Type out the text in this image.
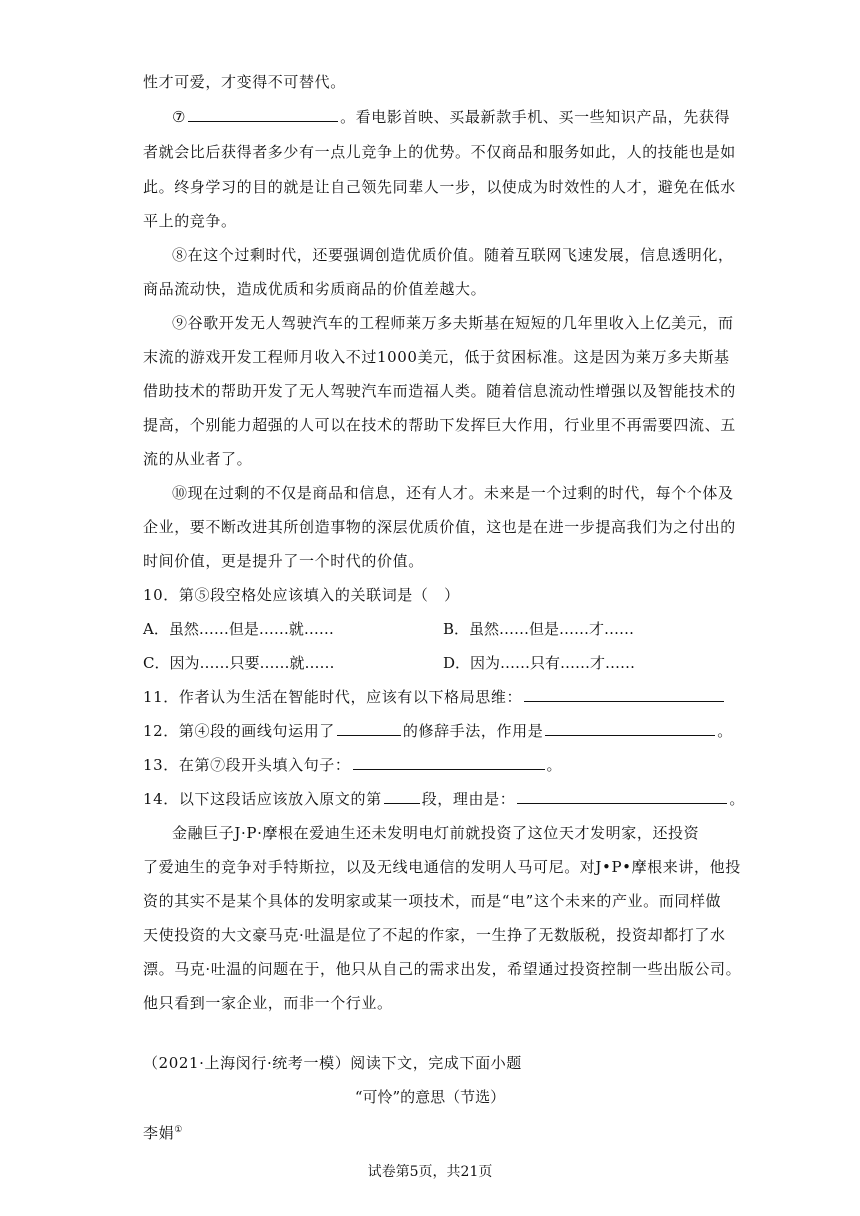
性才可爱，才变得不可替代。
⑦	。看电影首映、买最新款手机、买一些知识产品，先获得
者就会比后获得者多少有一点儿竞争上的优势。不仅商品和服务如此，人的技能也是如
此。终身学习的目的就是让自己领先同辈人一步，以使成为时效性的人才，避免在低水
平上的竞争。
⑧在这个过剩时代，还要强调创造优质价值。随着互联网飞速发展，信息透明化，
商品流动快，造成优质和劣质商品的价值差越大。
⑨谷歌开发无人驾驶汽车的工程师莱万多夫斯基在短短的几年里收入上亿美元，而
末流的游戏开发工程师月收入不过1000美元，低于贫困标准。这是因为莱万多夫斯基
借助技术的帮助开发了无人驾驶汽车而造福人类。随着信息流动性增强以及智能技术的
提高，个别能力超强的人可以在技术的帮助下发挥巨大作用，行业里不再需要四流、五
流的从业者了。
⑩现在过剩的不仅是商品和信息，还有人才。未来是一个过剩的时代，每个个体及
企业，要不断改进其所创造事物的深层优质价值，这也是在进一步提高我们为之付出的
时间价值，更是提升了一个时代的价值。
10．第⑤段空格处应该填入的关联词是（　）
A．虽然……但是……就……	B．虽然……但是……才……
C．因为……只要……就……	D．因为……只有……才……
11．作者认为生活在智能时代，应该有以下格局思维：
12．第④段的画线句运用了	的修辞手法，作用是	。
13．在第⑦段开头填入句子：	。
14．以下这段话应该放入原文的第	段，理由是：	。
金融巨子J·P·摩根在爱迪生还未发明电灯前就投资了这位天才发明家，还投资
了爱迪生的竞争对手特斯拉，以及无线电通信的发明人马可尼。对J•P•摩根来讲，他投
资的其实不是某个具体的发明家或某一项技术，而是“电”这个未来的产业。而同样做
天使投资的大文豪马克·吐温是位了不起的作家，一生挣了无数版税，投资却都打了水
漂。马克·吐温的问题在于，他只从自己的需求出发，希望通过投资控制一些出版公司。
他只看到一家企业，而非一个行业。
（2021·上海闵行·统考一模）阅读下文，完成下面小题
“可怜”的意思（节选）
李娟①
试卷第5页，共21页
